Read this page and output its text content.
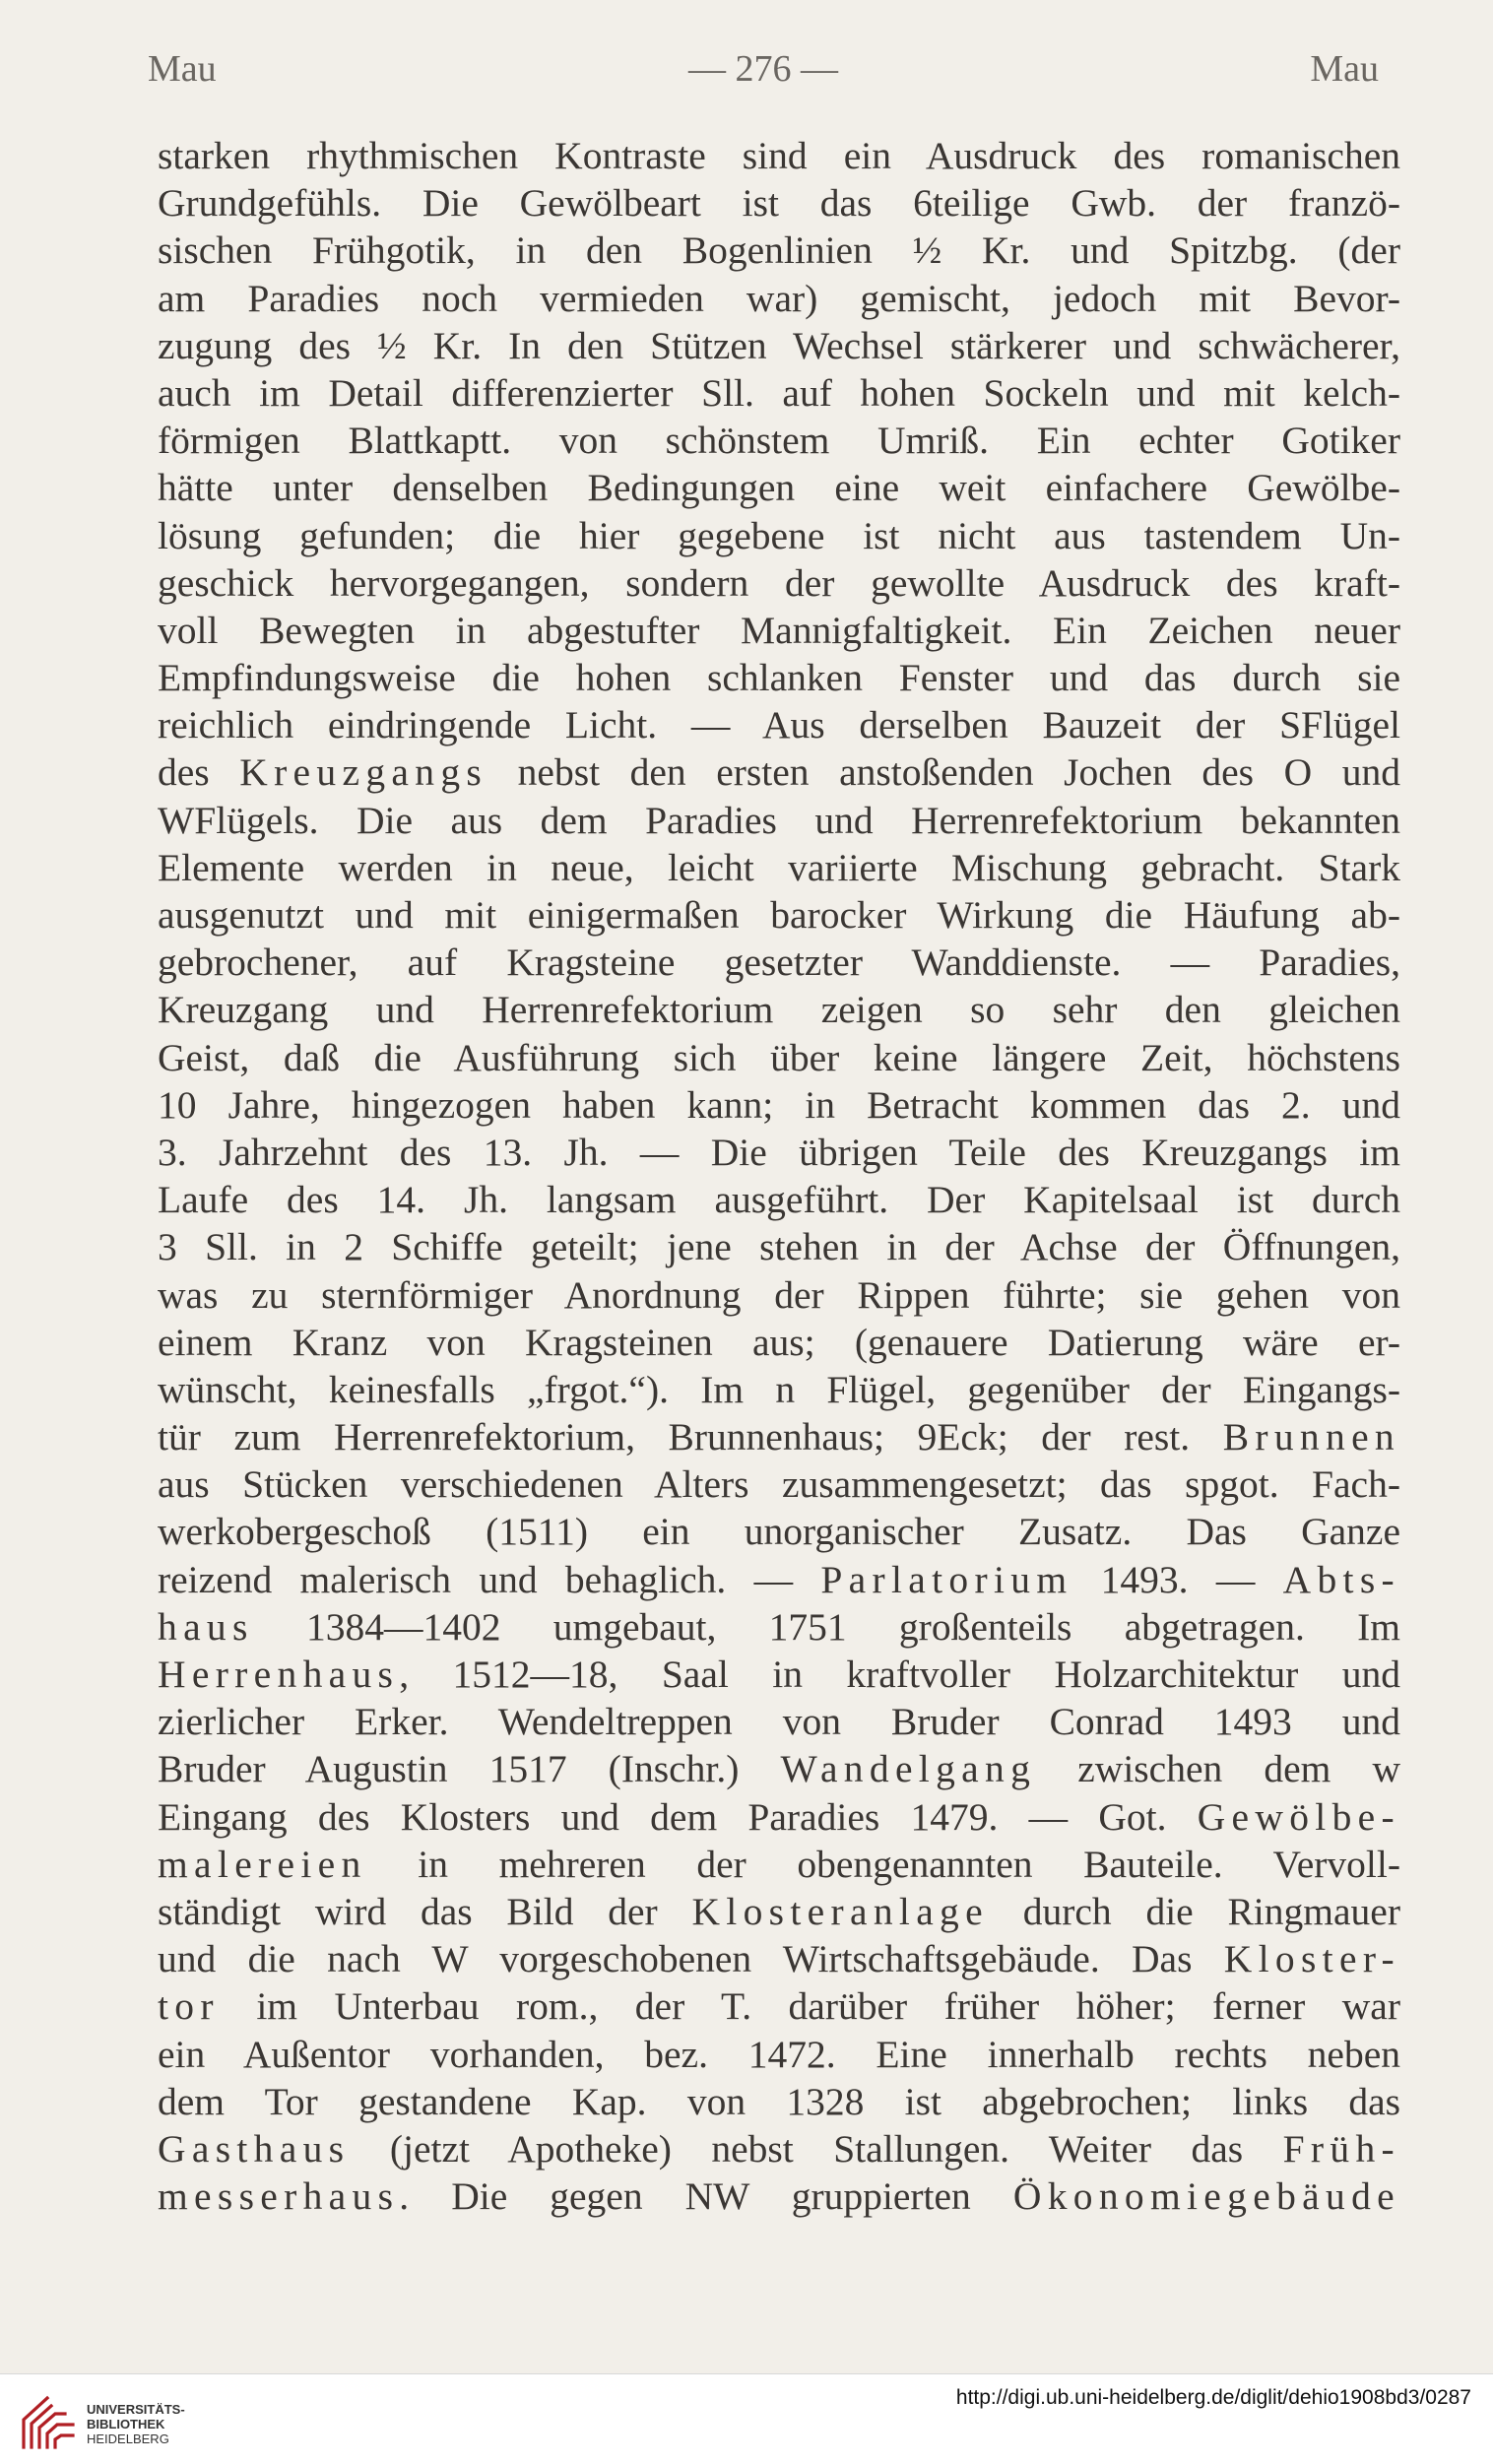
Mau	— 276 —	Mau
starken rhythmischen Kontraste sind ein Ausdruck des romanischen
Grundgefühls. Die Gewölbeart ist das 6teilige Gwb. der franzö-
sischen Frühgotik, in den Bogenlinien ½ Kr. und Spitzbg. (der
am Paradies noch vermieden war) gemischt, jedoch mit Bevor-
zugung des ½ Kr. In den Stützen Wechsel stärkerer und schwächerer,
auch im Detail differenzierter Sll. auf hohen Sockeln und mit kelch-
förmigen Blattkaptt. von schönstem Umriß. Ein echter Gotiker
hätte unter denselben Bedingungen eine weit einfachere Gewölbe-
lösung gefunden; die hier gegebene ist nicht aus tastendem Un-
geschick hervorgegangen, sondern der gewollte Ausdruck des kraft-
voll Bewegten in abgestufter Mannigfaltigkeit. Ein Zeichen neuer
Empfindungsweise die hohen schlanken Fenster und das durch sie
reichlich eindringende Licht. — Aus derselben Bauzeit der SFlügel
des Kreuzgangs nebst den ersten anstoßenden Jochen des O und
WFlügels. Die aus dem Paradies und Herrenrefektorium bekannten
Elemente werden in neue, leicht variierte Mischung gebracht. Stark
ausgenutzt und mit einigermaßen barocker Wirkung die Häufung ab-
gebrochener, auf Kragsteine gesetzter Wanddienste. — Paradies,
Kreuzgang und Herrenrefektorium zeigen so sehr den gleichen
Geist, daß die Ausführung sich über keine längere Zeit, höchstens
10 Jahre, hingezogen haben kann; in Betracht kommen das 2. und
3. Jahrzehnt des 13. Jh. — Die übrigen Teile des Kreuzgangs im
Laufe des 14. Jh. langsam ausgeführt. Der Kapitelsaal ist durch
3 Sll. in 2 Schiffe geteilt; jene stehen in der Achse der Öffnungen,
was zu sternförmiger Anordnung der Rippen führte; sie gehen von
einem Kranz von Kragsteinen aus; (genauere Datierung wäre er-
wünscht, keinesfalls „frgot.“). Im n Flügel, gegenüber der Eingangs-
tür zum Herrenrefektorium, Brunnenhaus; 9Eck; der rest. Brunnen
aus Stücken verschiedenen Alters zusammengesetzt; das spgot. Fach-
werkobergeschoß (1511) ein unorganischer Zusatz. Das Ganze
reizend malerisch und behaglich. — Parlatorium 1493. — Abts-
haus 1384—1402 umgebaut, 1751 großenteils abgetragen. Im
Herrenhaus, 1512—18, Saal in kraftvoller Holzarchitektur und
zierlicher Erker. Wendeltreppen von Bruder Conrad 1493 und
Bruder Augustin 1517 (Inschr.) Wandelgang zwischen dem w
Eingang des Klosters und dem Paradies 1479. — Got. Gewölbe-
malereien in mehreren der obengenannten Bauteile. Vervoll-
ständigt wird das Bild der Klosteranlage durch die Ringmauer
und die nach W vorgeschobenen Wirtschaftsgebäude. Das Kloster-
tor im Unterbau rom., der T. darüber früher höher; ferner war
ein Außentor vorhanden, bez. 1472. Eine innerhalb rechts neben
dem Tor gestandene Kap. von 1328 ist abgebrochen; links das
Gasthaus (jetzt Apotheke) nebst Stallungen. Weiter das Früh-
messerhaus. Die gegen NW gruppierten Ökonomiegebäude
UNIVERSITÄTS-
BIBLIOTHEK
HEIDELBERG
http://digi.ub.uni-heidelberg.de/diglit/dehio1908bd3/0287
